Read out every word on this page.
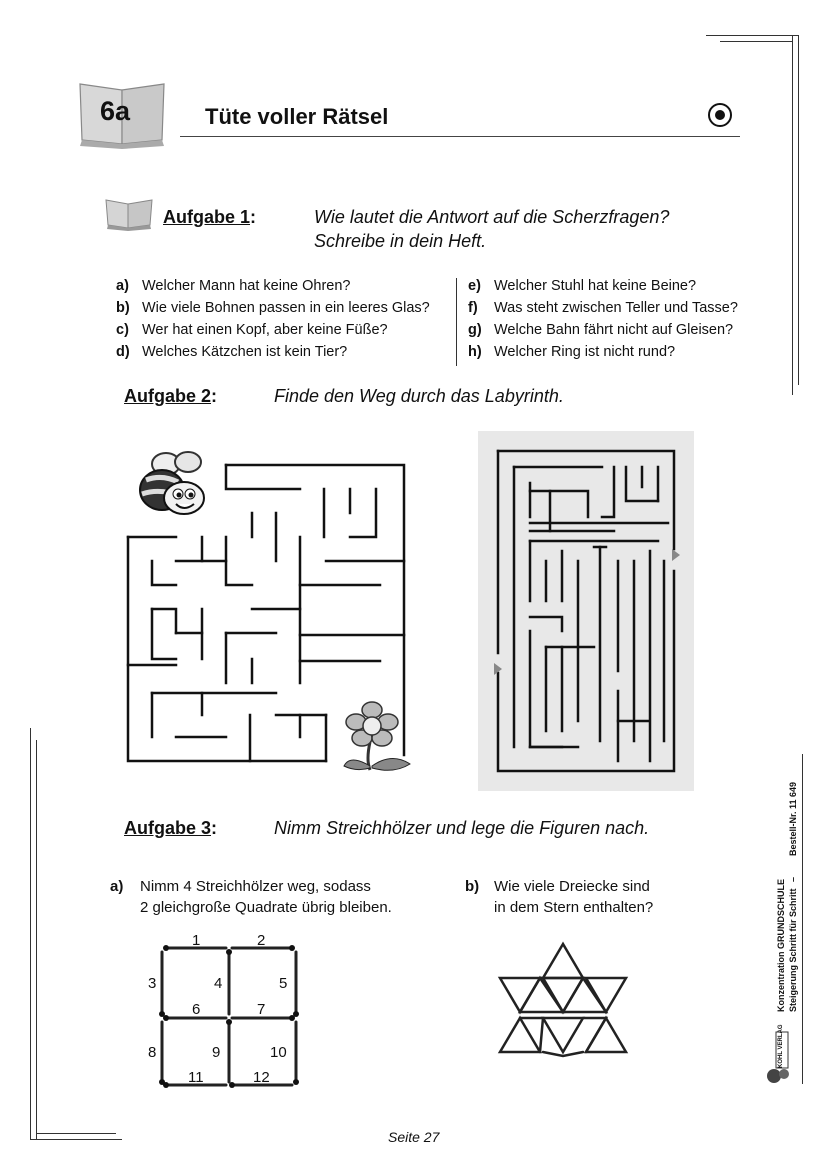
6a	Tüte voller Rätsel
Aufgabe 1:	Wie lautet die Antwort auf die Scherzfragen?
Schreibe in dein Heft.
a) Welcher Mann hat keine Ohren?
b) Wie viele Bohnen passen in ein leeres Glas?
c) Wer hat einen Kopf, aber keine Füße?
d) Welches Kätzchen ist kein Tier?
e) Welcher Stuhl hat keine Beine?
f) Was steht zwischen Teller und Tasse?
g) Welche Bahn fährt nicht auf Gleisen?
h) Welcher Ring ist nicht rund?
Aufgabe 2:	Finde den Weg durch das Labyrinth.
Aufgabe 3:	Nimm Streichhölzer und lege die Figuren nach.
a) Nimm 4 Streichhölzer weg, sodass
2 gleichgroße Quadrate übrig bleiben.
b) Wie viele Dreiecke sind
in dem Stern enthalten?
1	2
3	4	5
6	7
8	9	10
11	12
Konzentration GRUNDSCHULE Steigerung Schritt für Schritt
Bestell-Nr. 11 649
–
KOHL VERLAG
Seite 27
